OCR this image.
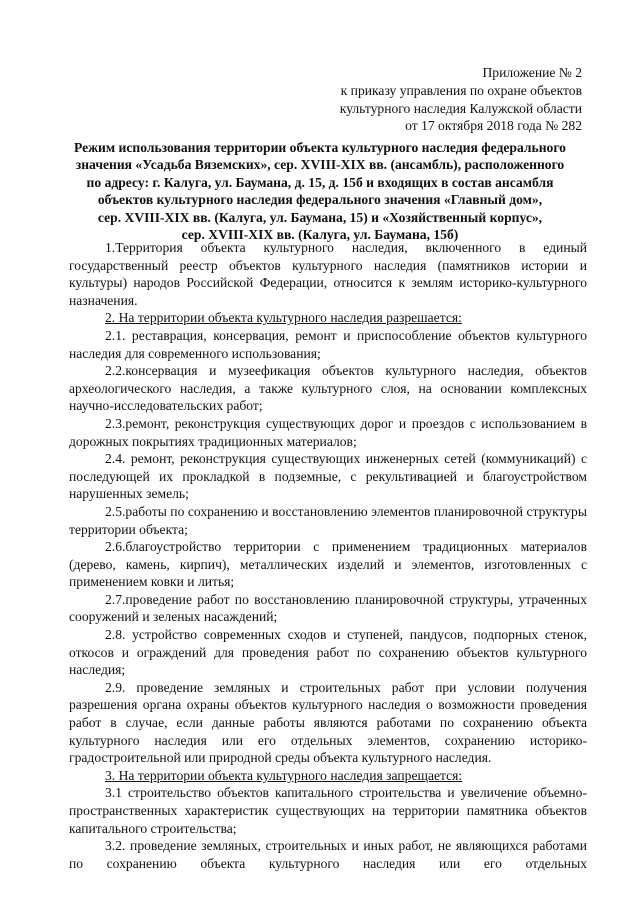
Приложение № 2
к приказу управления по охране объектов
культурного наследия Калужской области
от 17 октября 2018 года № 282
Режим использования территории объекта культурного наследия федерального
значения «Усадьба Вяземских», сер. XVIII-XIX вв. (ансамбль), расположенного
по адресу: г. Калуга, ул. Баумана, д. 15, д. 15б и входящих в состав ансамбля
объектов культурного наследия федерального значения «Главный дом»,
сер. XVIII-XIX вв. (Калуга, ул. Баумана, 15) и «Хозяйственный корпус»,
сер. XVIII-XIX вв. (Калуга, ул. Баумана, 15б)

1.Территория объекта культурного наследия, включенного в единый государственный реестр объектов культурного наследия (памятников истории и культуры) народов Российской Федерации, относится к землям историко-культурного назначения.

2. На территории объекта культурного наследия разрешается:

2.1. реставрация, консервация, ремонт и приспособление объектов культурного наследия для современного использования;

2.2.консервация и музеефикация объектов культурного наследия, объектов археологического наследия, а также культурного слоя, на основании комплексных научно-исследовательских работ;

2.3.ремонт, реконструкция существующих дорог и проездов с использованием в дорожных покрытиях традиционных материалов;

2.4. ремонт, реконструкция существующих инженерных сетей (коммуникаций) с последующей их прокладкой в подземные, с рекультивацией и благоустройством нарушенных земель;

2.5.работы по сохранению и восстановлению элементов планировочной структуры территории объекта;

2.6.благоустройство территории с применением традиционных материалов (дерево, камень, кирпич), металлических изделий и элементов, изготовленных с применением ковки и литья;

2.7.проведение работ по восстановлению планировочной структуры, утраченных сооружений и зеленых насаждений;

2.8. устройство современных сходов и ступеней, пандусов, подпорных стенок, откосов и ограждений для проведения работ по сохранению объектов культурного наследия;

2.9. проведение земляных и строительных работ при условии получения разрешения органа охраны объектов культурного наследия о возможности проведения работ в случае, если данные работы являются работами по сохранению объекта культурного наследия или его отдельных элементов, сохранению историко-градостроительной или природной среды объекта культурного наследия.

3. На территории объекта культурного наследия запрещается:

3.1 строительство объектов капитального строительства и увеличение объемно-пространственных характеристик существующих на территории памятника объектов капитального строительства;

3.2. проведение земляных, строительных и иных работ, не являющихся работами по сохранению объекта культурного наследия или его отдельных
